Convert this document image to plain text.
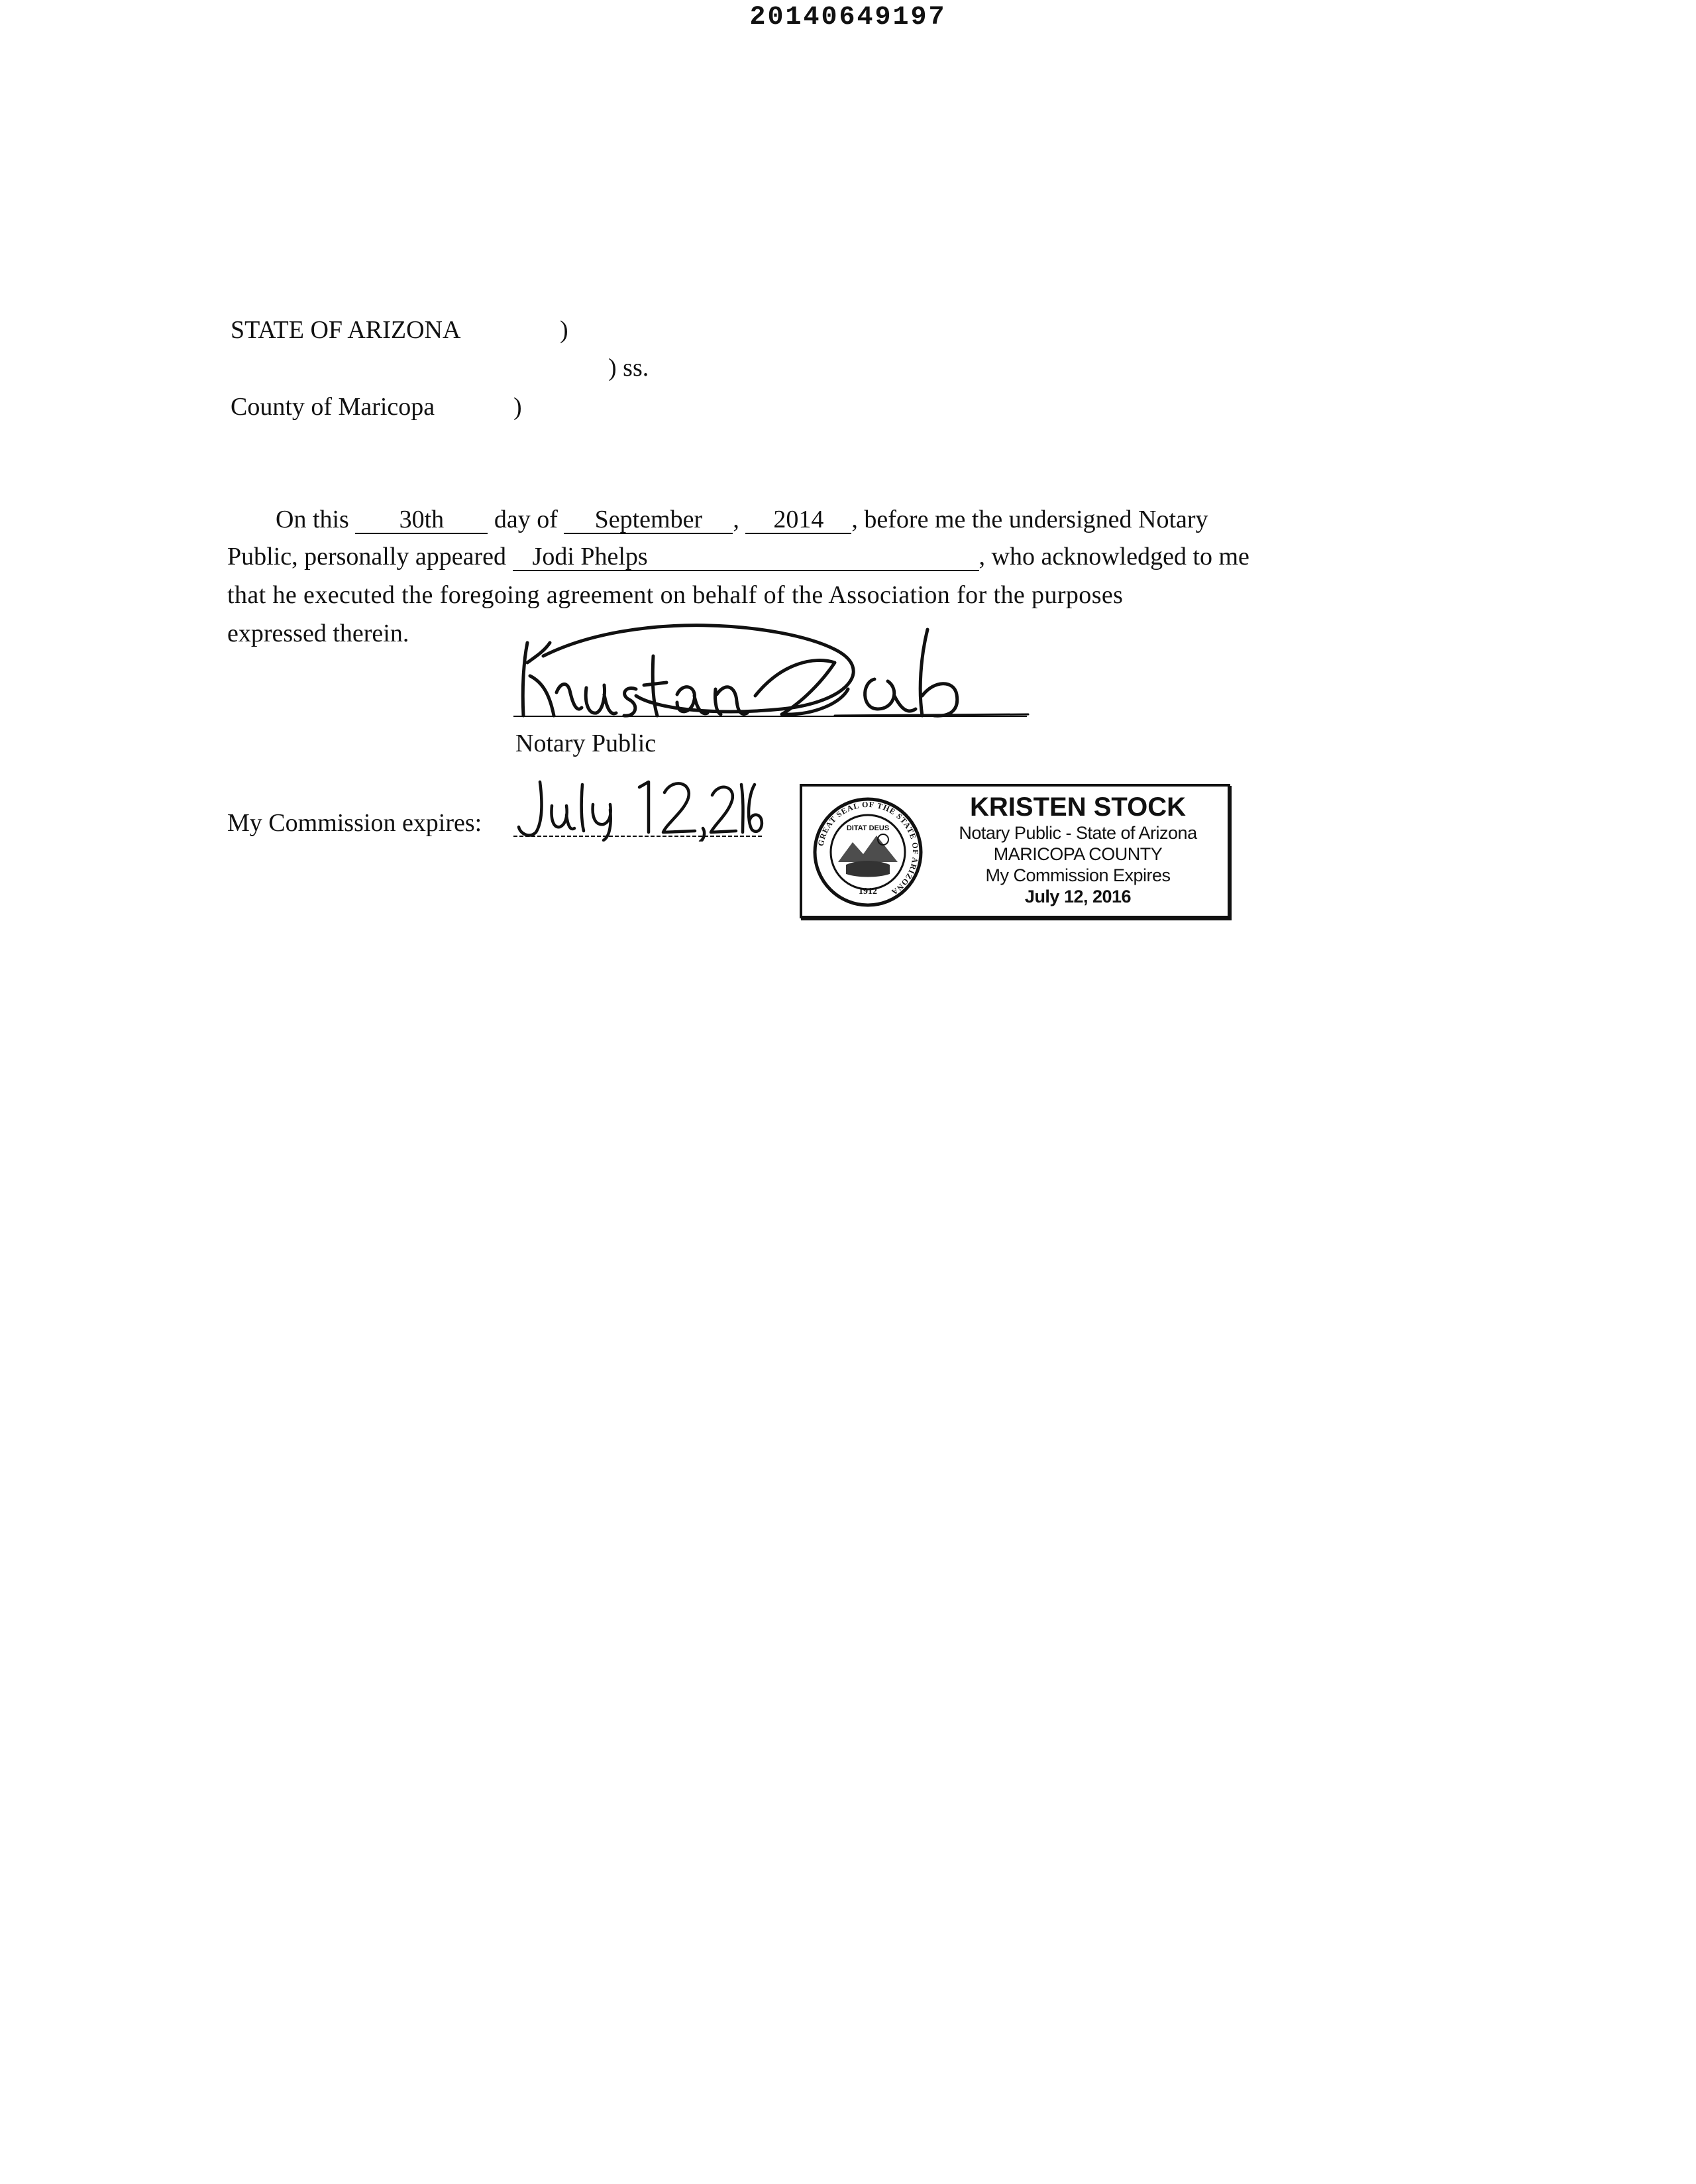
20140649197
STATE OF ARIZONA	)
) ss.
County of Maricopa	)
On this 30th day of September , 2014 , before me the undersigned Notary
Public, personally appeared Jodi Phelps	, who acknowledged to me
that he executed the foregoing agreement on behalf of the Association for the purposes
expressed therein.
Notary Public
My Commission expires:
GREAT SEAL OF THE STATE OF ARIZONA
DITAT DEUS
1912
KRISTEN STOCK
Notary Public - State of Arizona
MARICOPA COUNTY
My Commission Expires
July 12, 2016
